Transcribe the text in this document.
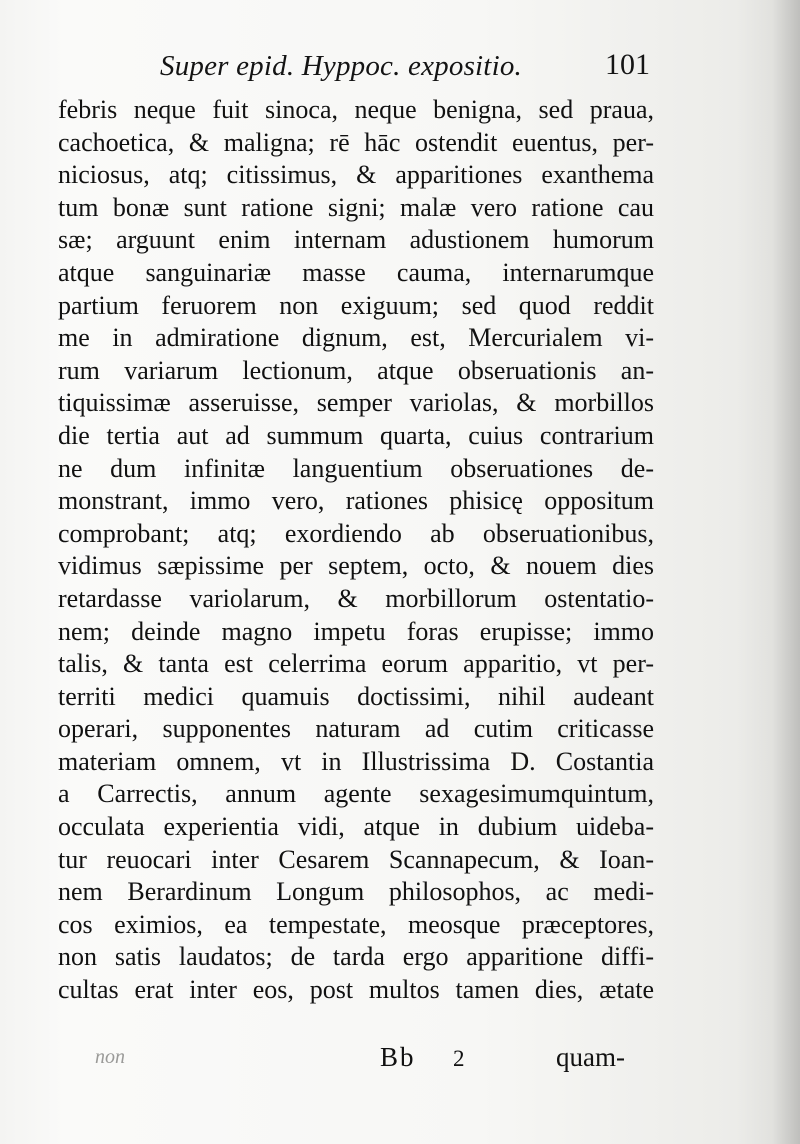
Super epid. Hyppoc. expositio.	101
febris neque fuit sinoca, neque benigna, sed praua,
cachoetica, & maligna; rē hāc ostendit euentus, per-
niciosus, atq; citissimus, & apparitiones exanthema
tum bonæ sunt ratione signi; malæ vero ratione cau
sæ; arguunt enim internam adustionem humorum
atque sanguinariæ masse cauma, internarumque
partium feruorem non exiguum; sed quod reddit
me in admiratione dignum, est, Mercurialem vi-
rum variarum lectionum, atque obseruationis an-
tiquissimæ asseruisse, semper variolas, & morbillos
die tertia aut ad summum quarta, cuius contrarium
ne dum infinitæ languentium obseruationes de-
monstrant, immo vero, rationes phisicę oppositum
comprobant; atq; exordiendo ab obseruationibus,
vidimus sæpissime per septem, octo, & nouem dies
retardasse variolarum, & morbillorum ostentatio-
nem; deinde magno impetu foras erupisse; immo
talis, & tanta est celerrima eorum apparitio, vt per-
territi medici quamuis doctissimi, nihil audeant
operari, supponentes naturam ad cutim criticasse
materiam omnem, vt in Illustrissima D. Costantia
a Carrectis, annum agente sexagesimumquintum,
occulata experientia vidi, atque in dubium uideba-
tur reuocari inter Cesarem Scannapecum, & Ioan-
nem Berardinum Longum philosophos, ac medi-
cos eximios, ea tempestate, meosque præceptores,
non satis laudatos; de tarda ergo apparitione diffi-
cultas erat inter eos, post multos tamen dies, ætate
non	Bb 2	quam-
